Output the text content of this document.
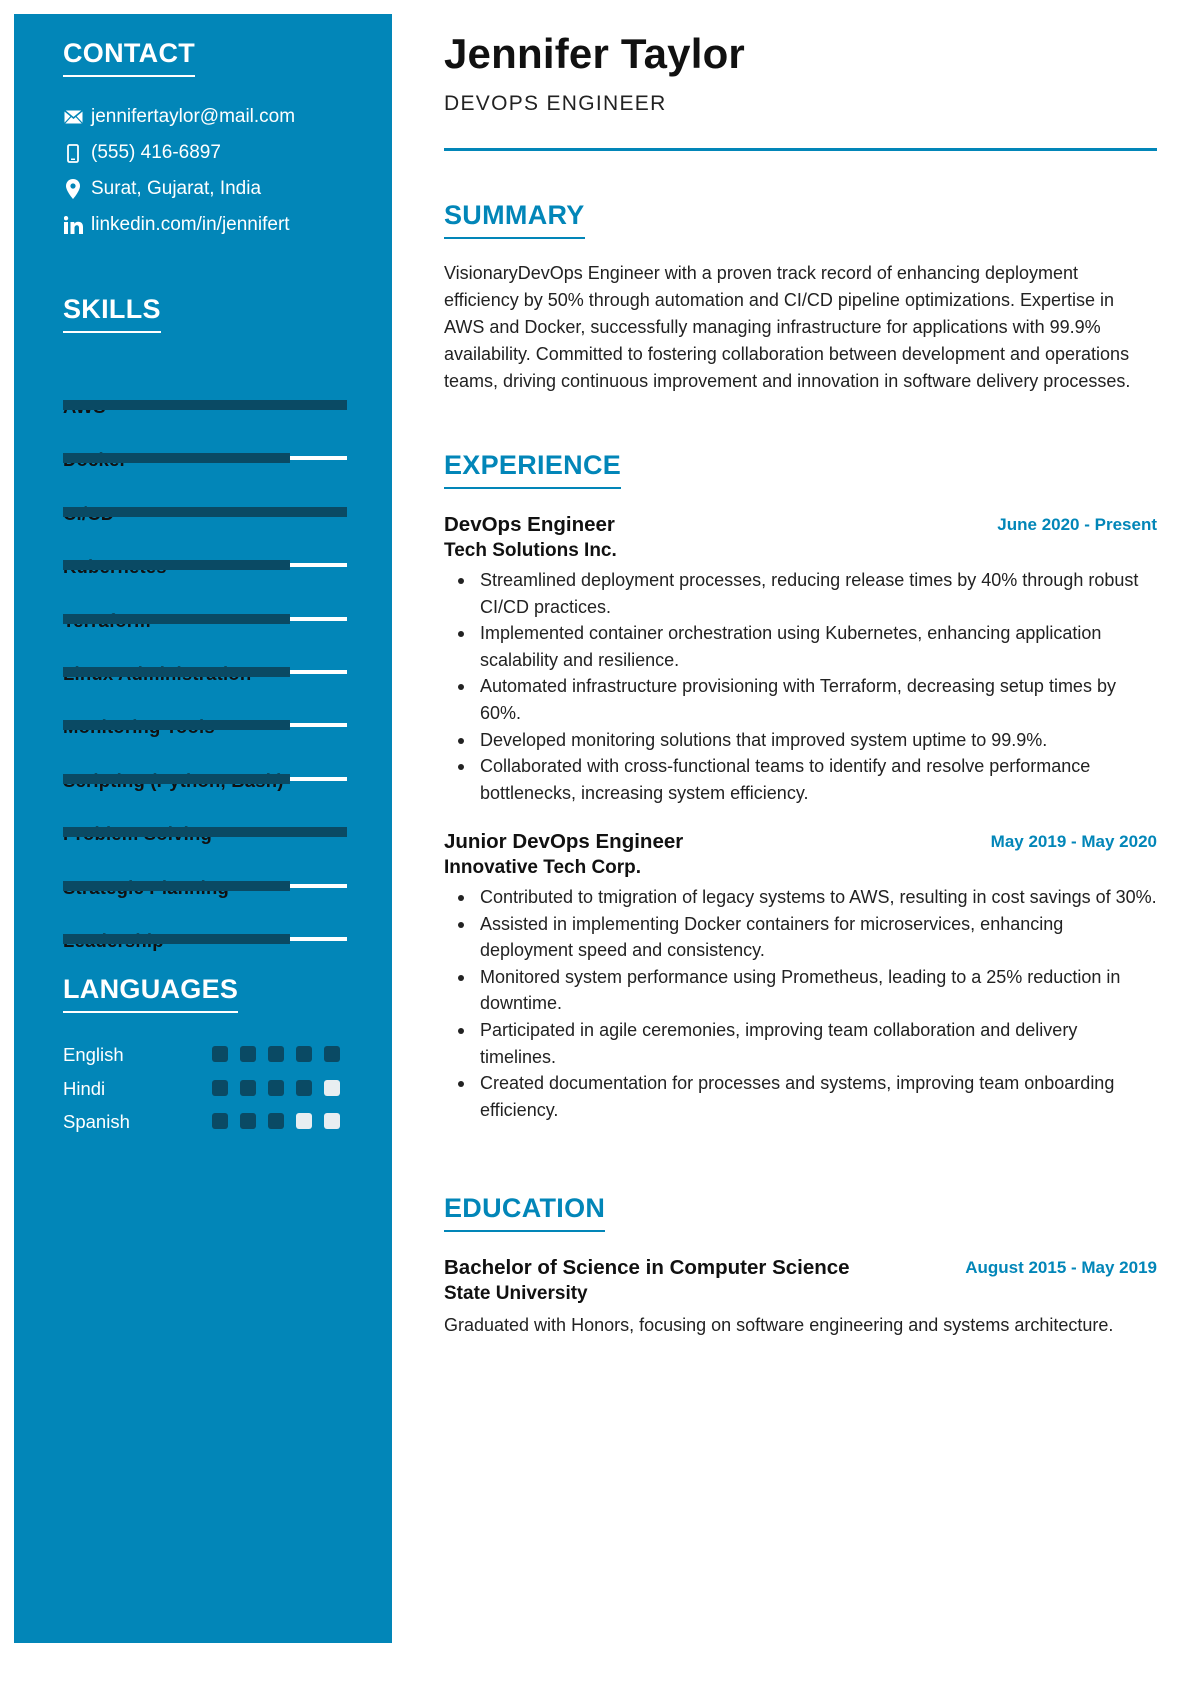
CONTACT
jennifertaylor@mail.com
(555) 416-6897
Surat, Gujarat, India
linkedin.com/in/jennifert
SKILLS
LANGUAGES
English
Hindi
Spanish
Jennifer Taylor
DEVOPS ENGINEER
SUMMARY

VisionaryDevOps Engineer with a proven track record of enhancing deployment efficiency by 50% through automation and CI/CD pipeline optimizations. Expertise in AWS and Docker, successfully managing infrastructure for applications with 99.9% availability. Committed to fostering collaboration between development and operations teams, driving continuous improvement and innovation in software delivery processes.

EXPERIENCE
DevOps Engineer	June 2020 - Present
Tech Solutions Inc.
Streamlined deployment processes, reducing release times by 40% through robust CI/CD practices.
Implemented container orchestration using Kubernetes, enhancing application scalability and resilience.
Automated infrastructure provisioning with Terraform, decreasing setup times by 60%.
Developed monitoring solutions that improved system uptime to 99.9%.
Collaborated with cross-functional teams to identify and resolve performance bottlenecks, increasing system efficiency.
Junior DevOps Engineer	May 2019 - May 2020
Innovative Tech Corp.
Contributed to tmigration of legacy systems to AWS, resulting in cost savings of 30%.
Assisted in implementing Docker containers for microservices, enhancing deployment speed and consistency.
Monitored system performance using Prometheus, leading to a 25% reduction in downtime.
Participated in agile ceremonies, improving team collaboration and delivery timelines.
Created documentation for processes and systems, improving team onboarding efficiency.
EDUCATION
Bachelor of Science in Computer Science	August 2015 - May 2019
State University

Graduated with Honors, focusing on software engineering and systems architecture.
